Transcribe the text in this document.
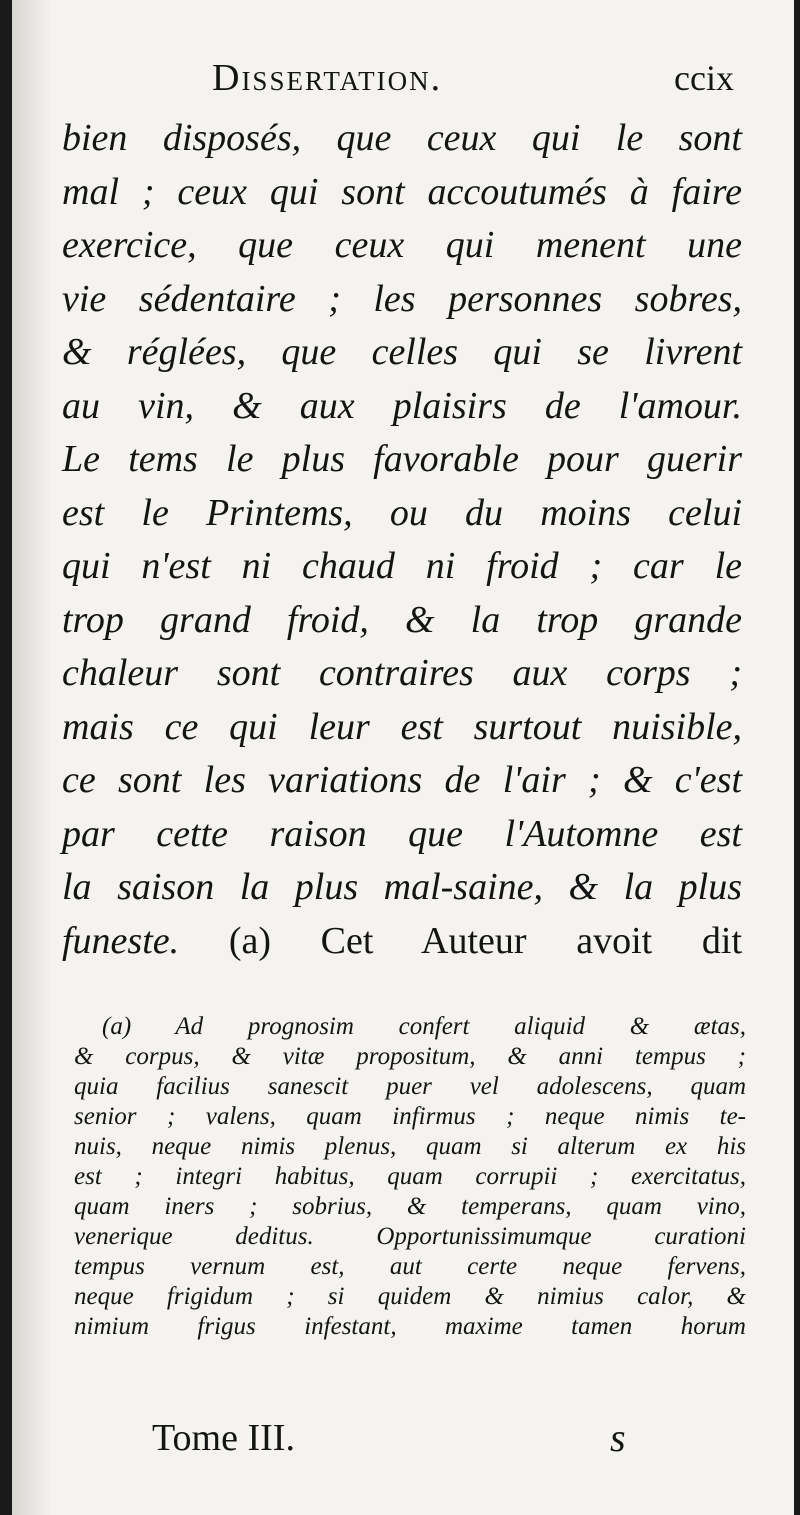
Dissertation.	ccix
bien disposés, que ceux qui le sont
mal ; ceux qui sont accoutumés à faire
exercice, que ceux qui menent une
vie sédentaire ; les personnes sobres,
& réglées, que celles qui se livrent
au vin, & aux plaisirs de l'amour.
Le tems le plus favorable pour guerir
est le Printems, ou du moins celui
qui n'est ni chaud ni froid ; car le
trop grand froid, & la trop grande
chaleur sont contraires aux corps ;
mais ce qui leur est surtout nuisible,
ce sont les variations de l'air ; & c'est
par cette raison que l'Automne est
la saison la plus mal-saine, & la plus
funeste. (a) Cet Auteur avoit dit
(a) Ad prognosim confert aliquid & ætas,
& corpus, & vitæ propositum, & anni tempus ;
quia facilius sanescit puer vel adolescens, quam
senior ; valens, quam infirmus ; neque nimis te-
nuis, neque nimis plenus, quam si alterum ex his
est ; integri habitus, quam corrupii ; exercitatus,
quam iners ; sobrius, & temperans, quam vino,
venerique deditus. Opportunissimumque curationi
tempus vernum est, aut certe neque fervens,
neque frigidum ; si quidem & nimius calor, &
nimium frigus infestant, maxime tamen horum
Tome III.	s
